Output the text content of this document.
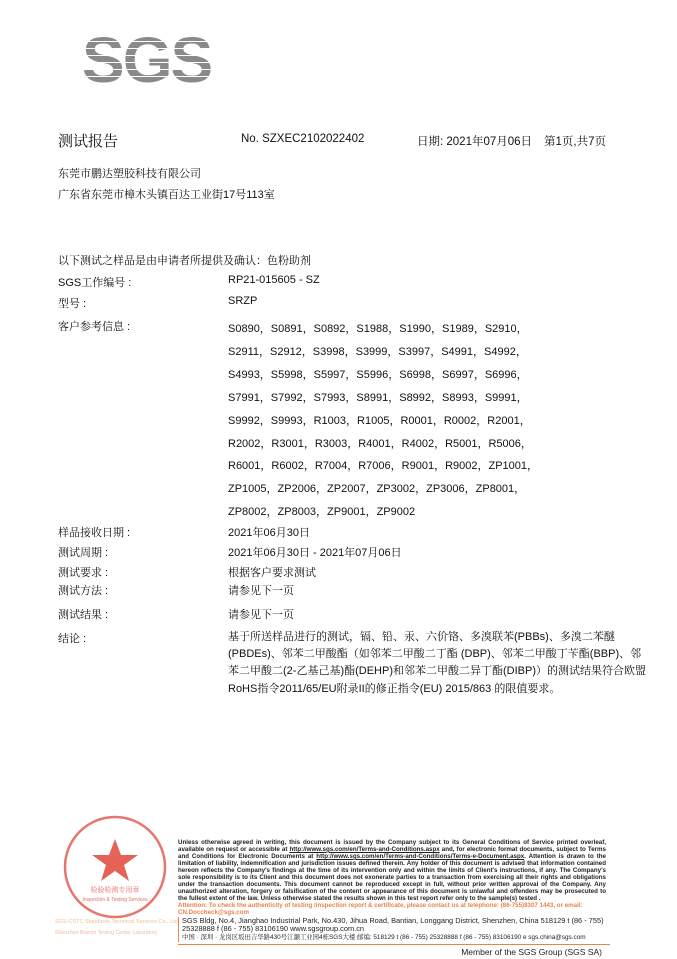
SGS
测试报告	No. SZXEC2102022402	日期: 2021年07月06日 第1页,共7页
东莞市鹏达塑胶科技有限公司
广东省东莞市樟木头镇百达工业街17号113室
以下测试之样品是由申请者所提供及确认：色粉助剂
SGS工作编号 :	RP21-015605 - SZ
型号 :	SRZP
客户参考信息 :	S0890，S0891，S0892，S1988，S1990，S1989，S2910，
S2911，S2912，S3998，S3999，S3997，S4991，S4992，
S4993，S5998，S5997，S5996，S6998，S6997，S6996，
S7991，S7992，S7993，S8991，S8992，S8993，S9991，
S9992，S9993，R1003，R1005，R0001，R0002，R2001，
R2002，R3001，R3003，R4001，R4002，R5001，R5006，
R6001，R6002，R7004，R7006，R9001，R9002，ZP1001，
ZP1005，ZP2006，ZP2007，ZP3002，ZP3006，ZP8001，
ZP8002，ZP8003，ZP9001，ZP9002
样品接收日期 :	2021年06月30日
测试周期 :	2021年06月30日 - 2021年07月06日
测试要求 :	根据客户要求测试
测试方法 :	请参见下一页
测试结果 :	请参见下一页
结论 :	基于所送样品进行的测试，镉、铅、汞、六价铬、多溴联苯(PBBs)、多溴二苯醚(PBDEs)、邻苯二甲酸酯（如邻苯二甲酸二丁酯 (DBP)、邻苯二甲酸丁苄酯(BBP)、邻苯二甲酸二(2-乙基己基)酯(DEHP)和邻苯二甲酸二异丁酯(DIBP)）的测试结果符合欧盟RoHS指令2011/65/EU附录II的修正指令(EU) 2015/863 的限值要求。
检验检测专用章
Inspection & Testing Services
SGS-CSTC Standards Technical Services Co., Ltd.
Shenzhen Branch Testing Center Laboratory
Unless otherwise agreed in writing, this document is issued by the Company subject to its General Conditions of Service printed overleaf, available on request or accessible at http://www.sgs.com/en/Terms-and-Conditions.aspx and, for electronic format documents, subject to Terms and Conditions for Electronic Documents at http://www.sgs.com/en/Terms-and-Conditions/Terms-e-Document.aspx. Attention is drawn to the limitation of liability, indemnification and jurisdiction issues defined therein. Any holder of this document is advised that information contained hereon reflects the Company's findings at the time of its intervention only and within the limits of Client's instructions, if any. The Company's sole responsibility is to its Client and this document does not exonerate parties to a transaction from exercising all their rights and obligations under the transaction documents. This document cannot be reproduced except in full, without prior written approval of the Company. Any unauthorized alteration, forgery or falsification of the content or appearance of this document is unlawful and offenders may be prosecuted to the fullest extent of the law. Unless otherwise stated the results shown in this test report refer only to the sample(s) tested .
Attention: To check the authenticity of testing /inspection report & certificate, please contact us at telephone: (86-755)8307 1443, or email: CN.Doccheck@sgs.com
SGS Bldg, No.4, Jianghao Industrial Park, No.430, Jihua Road, Bantian, Longgang District, Shenzhen, China 518129 t (86 - 755) 25328888 f (86 - 755) 83106190 www.sgsgroup.com.cn
中国 · 深圳 · 龙岗区坂田吉华路430号江灏工业园4栋SGS大楼 邮编: 518129 t (86 - 755) 25328888 f (86 - 755) 83106190 e sgs.china@sgs.com
Member of the SGS Group (SGS SA)
